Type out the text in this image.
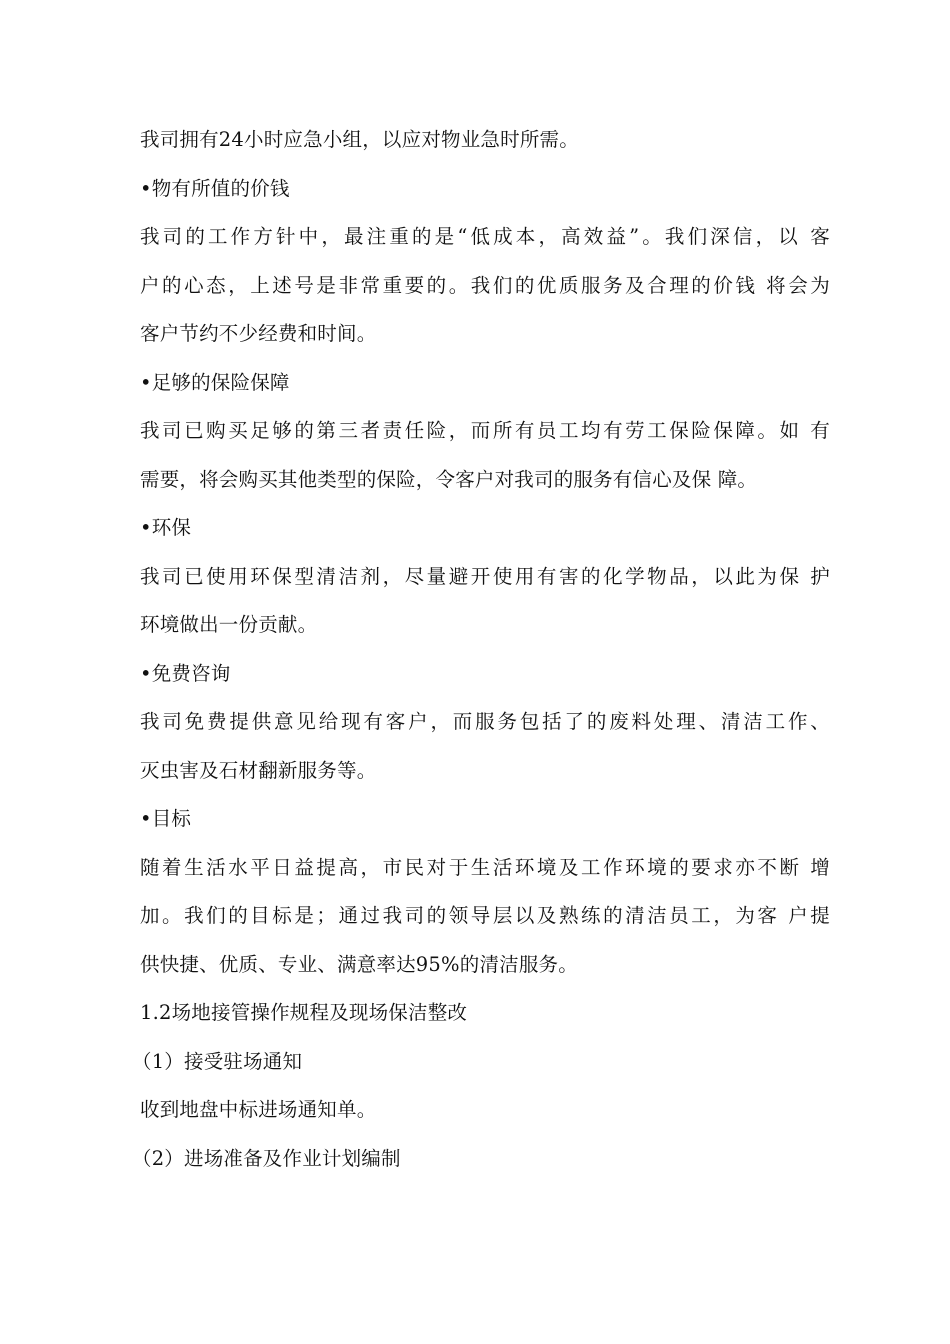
我司拥有24小时应急小组，以应对物业急时所需。
•物有所值的价钱
我司的工作方针中，最注重的是“低成本，高效益”。我们深信，以 客
户的心态，上述号是非常重要的。我们的优质服务及合理的价钱 将会为
客户节约不少经费和时间。
•足够的保险保障
我司已购买足够的第三者责任险，而所有员工均有劳工保险保障。如 有
需要，将会购买其他类型的保险，令客户对我司的服务有信心及保 障。
•环保
我司已使用环保型清洁剂，尽量避开使用有害的化学物品，以此为保 护
环境做出一份贡献。
•免费咨询
我司免费提供意见给现有客户，而服务包括了的废料处理、清洁工作、
灭虫害及石材翻新服务等。
•目标
随着生活水平日益提高，市民对于生活环境及工作环境的要求亦不断 增
加。我们的目标是；通过我司的领导层以及熟练的清洁员工，为客 户提
供快捷、优质、专业、满意率达95%的清洁服务。
1.2场地接管操作规程及现场保洁整改
（1）接受驻场通知
收到地盘中标进场通知单。
（2）进场准备及作业计划编制
